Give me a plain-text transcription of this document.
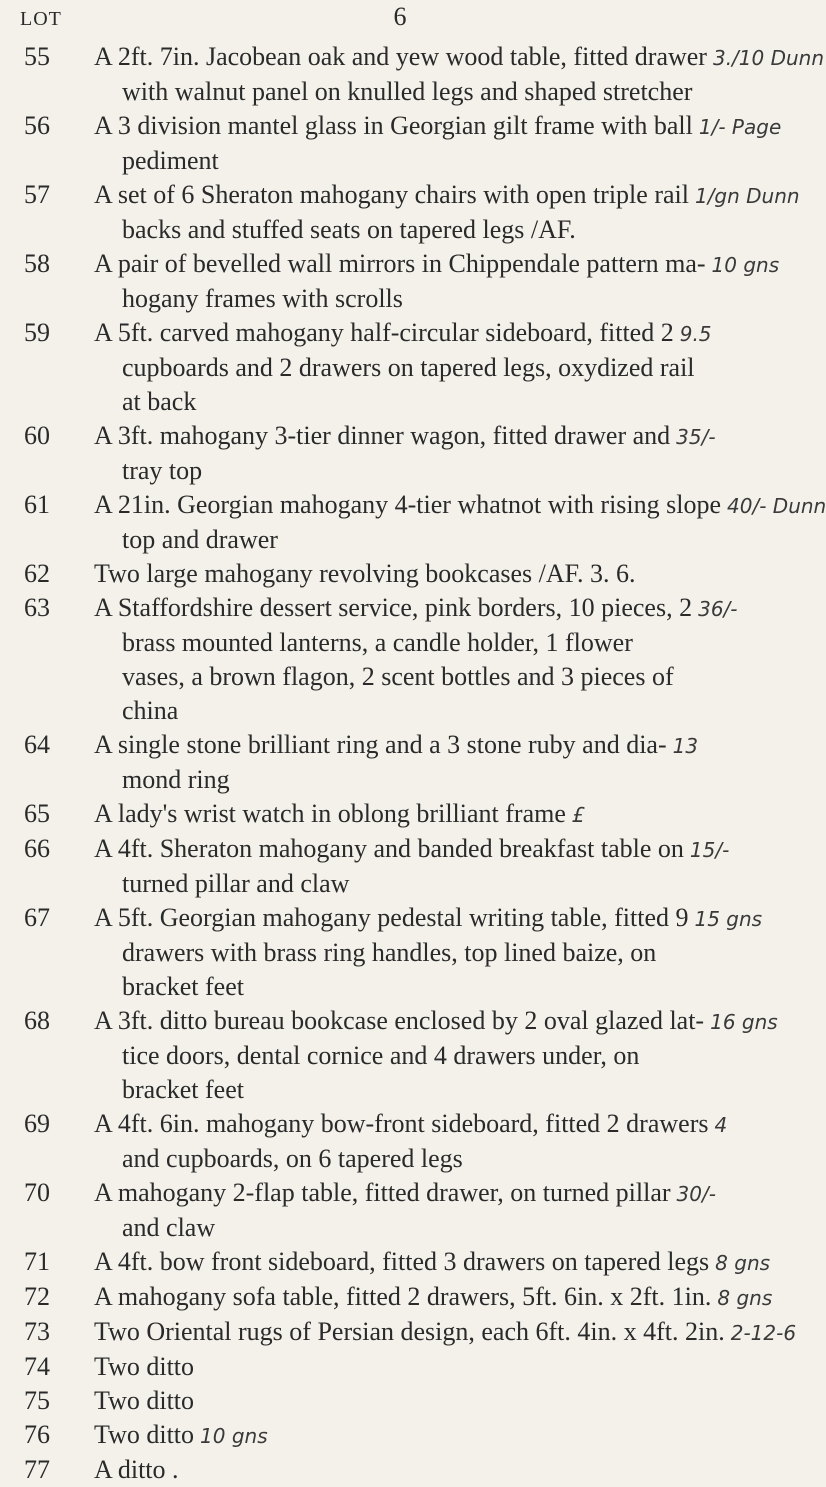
6
LOT
55	A 2ft. 7in. Jacobean oak and yew wood table, fitted drawer 3./10 Dunn
with walnut panel on knulled legs and shaped stretcher
56	A 3 division mantel glass in Georgian gilt frame with ball 1/- Page
pediment
57	A set of 6 Sheraton mahogany chairs with open triple rail 1/gn Dunn
backs and stuffed seats on tapered legs /AF.
58	A pair of bevelled wall mirrors in Chippendale pattern ma- 10 gns
hogany frames with scrolls
59	A 5ft. carved mahogany half-circular sideboard, fitted 2 9.5
cupboards and 2 drawers on tapered legs, oxydized rail
at back
60	A 3ft. mahogany 3-tier dinner wagon, fitted drawer and 35/-
tray top
61	A 21in. Georgian mahogany 4-tier whatnot with rising slope 40/- Dunn
top and drawer
62	Two large mahogany revolving bookcases /AF. 3. 6.
63	A Staffordshire dessert service, pink borders, 10 pieces, 2 36/-
brass mounted lanterns, a candle holder, 1 flower
vases, a brown flagon, 2 scent bottles and 3 pieces of
china
64	A single stone brilliant ring and a 3 stone ruby and dia- 13
mond ring
65	A lady's wrist watch in oblong brilliant frame £
66	A 4ft. Sheraton mahogany and banded breakfast table on 15/-
turned pillar and claw
67	A 5ft. Georgian mahogany pedestal writing table, fitted 9 15 gns
drawers with brass ring handles, top lined baize, on
bracket feet
68	A 3ft. ditto bureau bookcase enclosed by 2 oval glazed lat- 16 gns
tice doors, dental cornice and 4 drawers under, on
bracket feet
69	A 4ft. 6in. mahogany bow-front sideboard, fitted 2 drawers 4
and cupboards, on 6 tapered legs
70	A mahogany 2-flap table, fitted drawer, on turned pillar 30/-
and claw
71	A 4ft. bow front sideboard, fitted 3 drawers on tapered legs 8 gns
72	A mahogany sofa table, fitted 2 drawers, 5ft. 6in. x 2ft. 1in. 8 gns
73	Two Oriental rugs of Persian design, each 6ft. 4in. x 4ft. 2in. 2-12-6
74	Two ditto
75	Two ditto
76	Two ditto 10 gns
77	A ditto .
